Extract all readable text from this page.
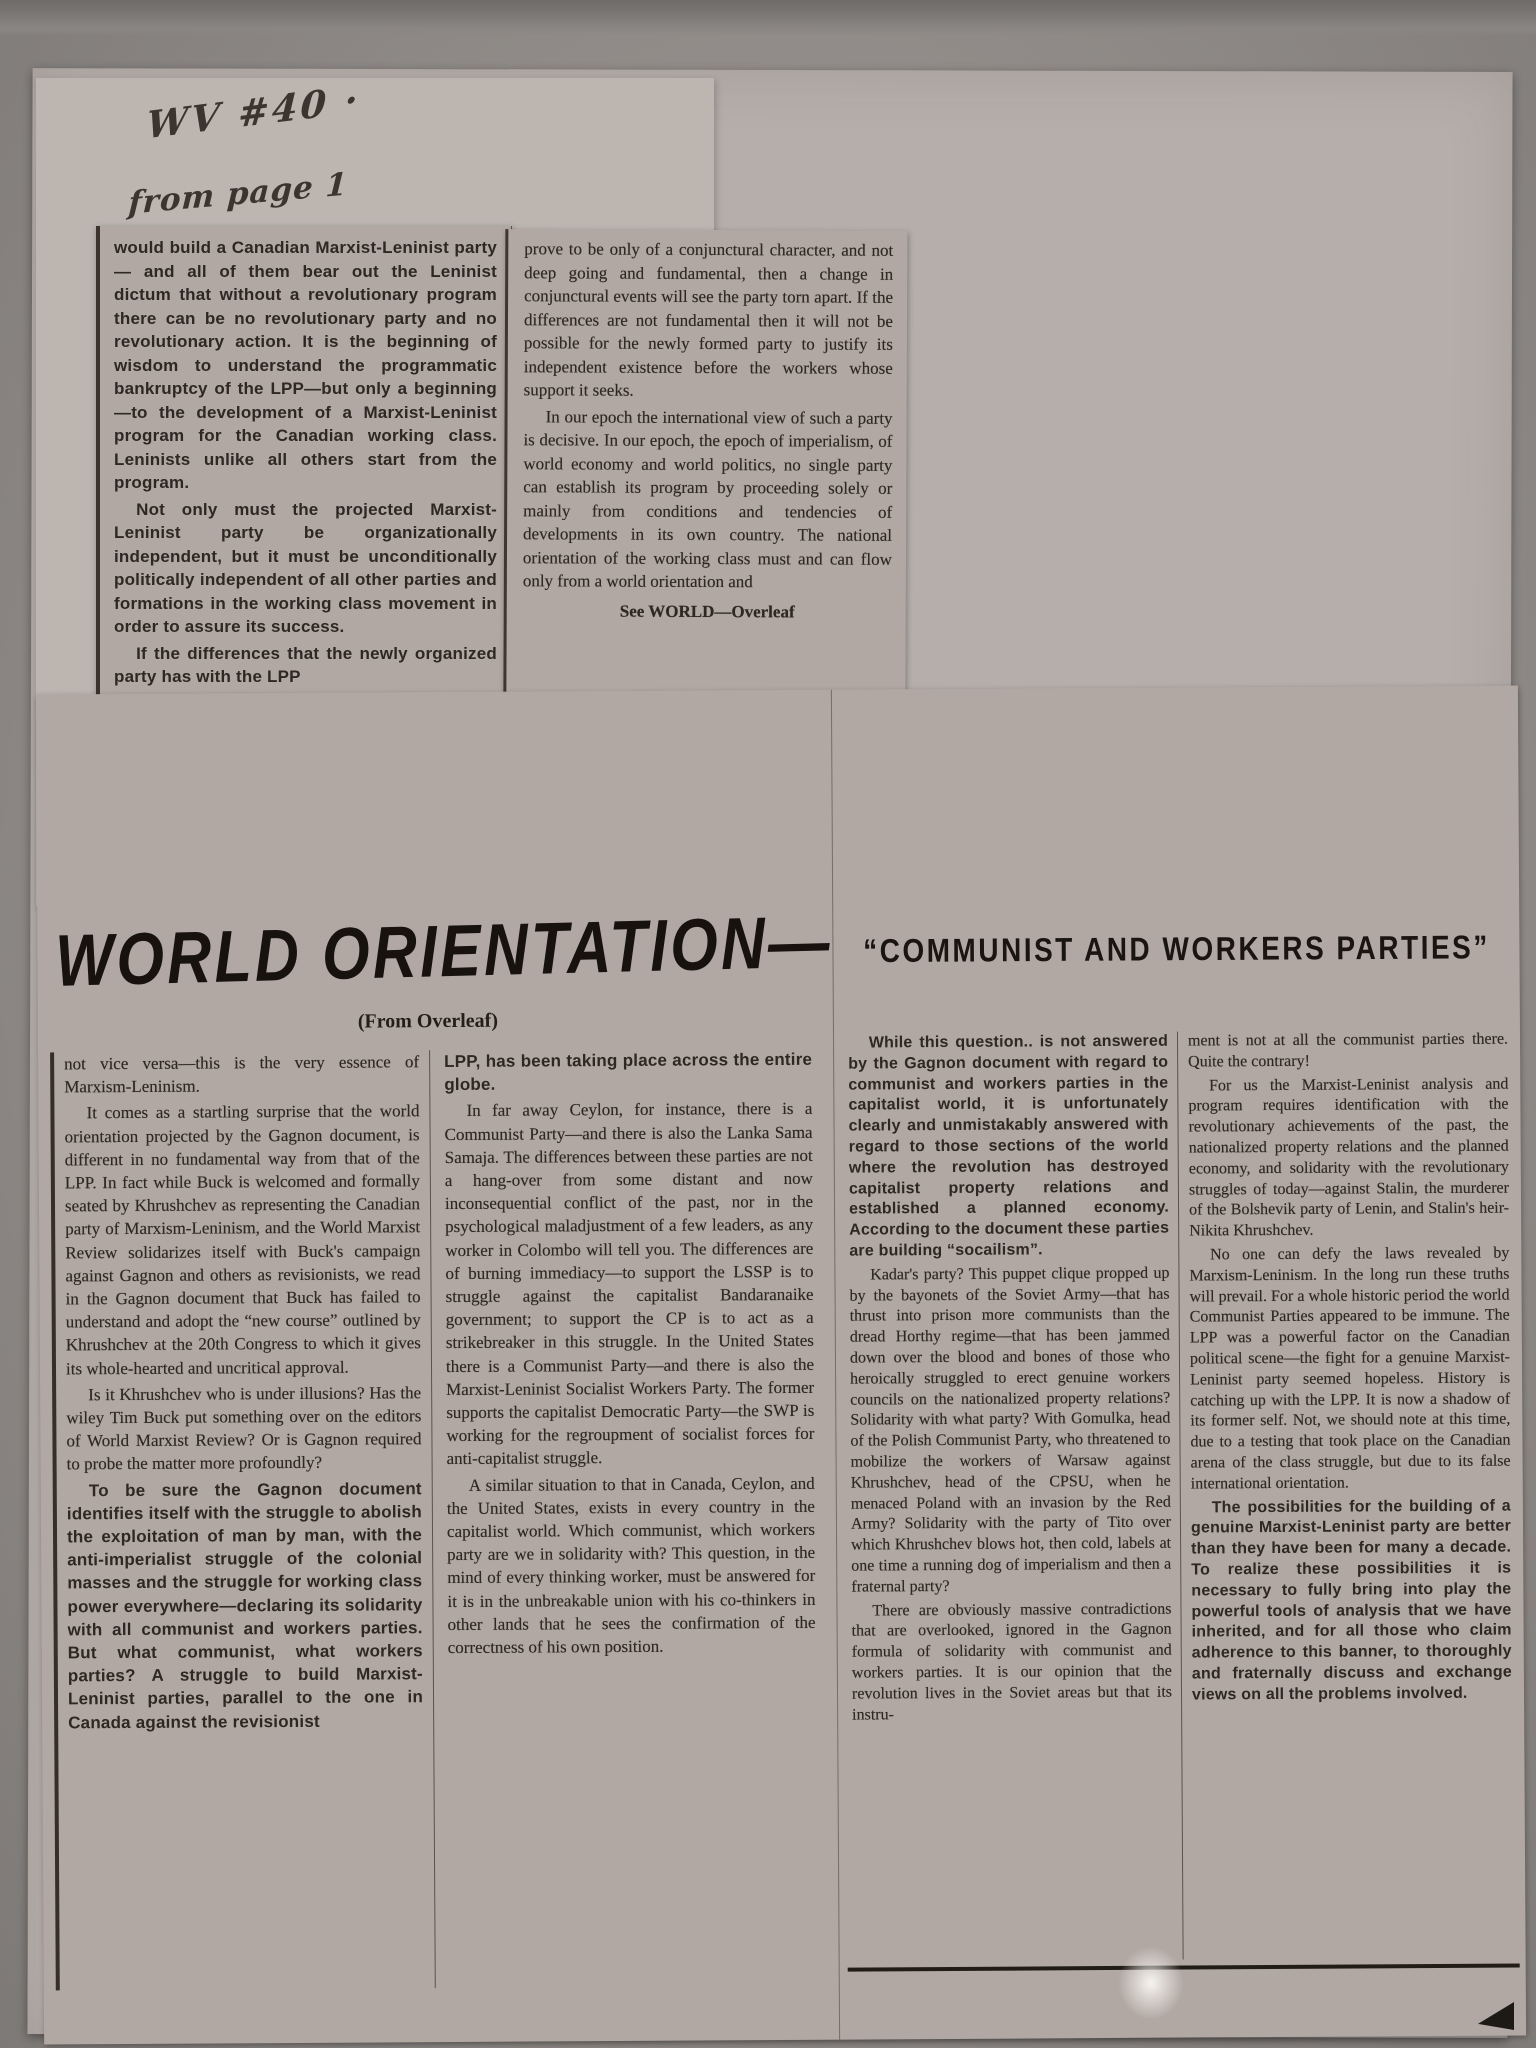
WV #40 ·
from page 1

would build a Canadian Marxist-Leninist party — and all of them bear out the Leninist dictum that without a revolutionary program there can be no revolutionary party and no revolutionary action. It is the beginning of wisdom to understand the programmatic bankruptcy of the LPP—but only a beginning—to the development of a Marxist-Leninist program for the Canadian working class. Leninists unlike all others start from the program.

Not only must the projected Marxist-Leninist party be organizationally independent, but it must be unconditionally politically independent of all other parties and formations in the working class movement in order to assure its success.

If the differences that the newly organized party has with the LPP

prove to be only of a conjunctural character, and not deep going and fundamental, then a change in conjunctural events will see the party torn apart. If the differences are not fundamental then it will not be possible for the newly formed party to justify its independent existence before the workers whose support it seeks.

In our epoch the international view of such a party is decisive. In our epoch, the epoch of imperialism, of world economy and world politics, no single party can establish its program by proceeding solely or mainly from conditions and tendencies of developments in its own country. The national orientation of the working class must and can flow only from a world orientation and

See WORLD—Overleaf

WORLD ORIENTATION—
(From Overleaf)

not vice versa—this is the very essence of Marxism-Leninism.

It comes as a startling surprise that the world orientation projected by the Gagnon document, is different in no fundamental way from that of the LPP. In fact while Buck is welcomed and formally seated by Khrushchev as representing the Canadian party of Marxism-Leninism, and the World Marxist Review solidarizes itself with Buck's campaign against Gagnon and others as revisionists, we read in the Gagnon document that Buck has failed to understand and adopt the “new course” outlined by Khrushchev at the 20th Congress to which it gives its whole-hearted and uncritical approval.

Is it Khrushchev who is under illusions? Has the wiley Tim Buck put something over on the editors of World Marxist Review? Or is Gagnon required to probe the matter more profoundly?

To be sure the Gagnon document identifies itself with the struggle to abolish the exploitation of man by man, with the anti-imperialist struggle of the colonial masses and the struggle for working class power everywhere—declaring its solidarity with all communist and workers parties. But what communist, what workers parties? A struggle to build Marxist-Leninist parties, parallel to the one in Canada against the revisionist

LPP, has been taking place across the entire globe.

In far away Ceylon, for instance, there is a Communist Party—and there is also the Lanka Sama Samaja. The differences between these parties are not a hang-over from some distant and now inconsequential conflict of the past, nor in the psychological maladjustment of a few leaders, as any worker in Colombo will tell you. The differences are of burning immediacy—to support the LSSP is to struggle against the capitalist Bandaranaike government; to support the CP is to act as a strikebreaker in this struggle. In the United States there is a Communist Party—and there is also the Marxist-Leninist Socialist Workers Party. The former supports the capitalist Democratic Party—the SWP is working for the regroupment of socialist forces for anti-capitalist struggle.

A similar situation to that in Canada, Ceylon, and the United States, exists in every country in the capitalist world. Which communist, which workers party are we in solidarity with? This question, in the mind of every thinking worker, must be answered for it is in the unbreakable union with his co-thinkers in other lands that he sees the confirmation of the correctness of his own position.

“COMMUNIST AND WORKERS PARTIES”

While this question.. is not answered by the Gagnon document with regard to communist and workers parties in the capitalist world, it is unfortunately clearly and unmistakably answered with regard to those sections of the world where the revolution has destroyed capitalist property relations and established a planned economy. According to the document these parties are building “socailism”.

Kadar's party? This puppet clique propped up by the bayonets of the Soviet Army—that has thrust into prison more communists than the dread Horthy regime—that has been jammed down over the blood and bones of those who heroically struggled to erect genuine workers councils on the nationalized property relations? Solidarity with what party? With Gomulka, head of the Polish Communist Party, who threatened to mobilize the workers of Warsaw against Khrushchev, head of the CPSU, when he menaced Poland with an invasion by the Red Army? Solidarity with the party of Tito over which Khrushchev blows hot, then cold, labels at one time a running dog of imperialism and then a fraternal party?

There are obviously massive contradictions that are overlooked, ignored in the Gagnon formula of solidarity with communist and workers parties. It is our opinion that the revolution lives in the Soviet areas but that its instru-

ment is not at all the communist parties there. Quite the contrary!

For us the Marxist-Leninist analysis and program requires identification with the revolutionary achievements of the past, the nationalized property relations and the planned economy, and solidarity with the revolutionary struggles of today—against Stalin, the murderer of the Bolshevik party of Lenin, and Stalin's heir-Nikita Khrushchev.

No one can defy the laws revealed by Marxism-Leninism. In the long run these truths will prevail. For a whole historic period the world Communist Parties appeared to be immune. The LPP was a powerful factor on the Canadian political scene—the fight for a genuine Marxist-Leninist party seemed hopeless. History is catching up with the LPP. It is now a shadow of its former self. Not, we should note at this time, due to a testing that took place on the Canadian arena of the class struggle, but due to its false international orientation.

The possibilities for the building of a genuine Marxist-Leninist party are better than they have been for many a decade. To realize these possibilities it is necessary to fully bring into play the powerful tools of analysis that we have inherited, and for all those who claim adherence to this banner, to thoroughly and fraternally discuss and exchange views on all the problems involved.
